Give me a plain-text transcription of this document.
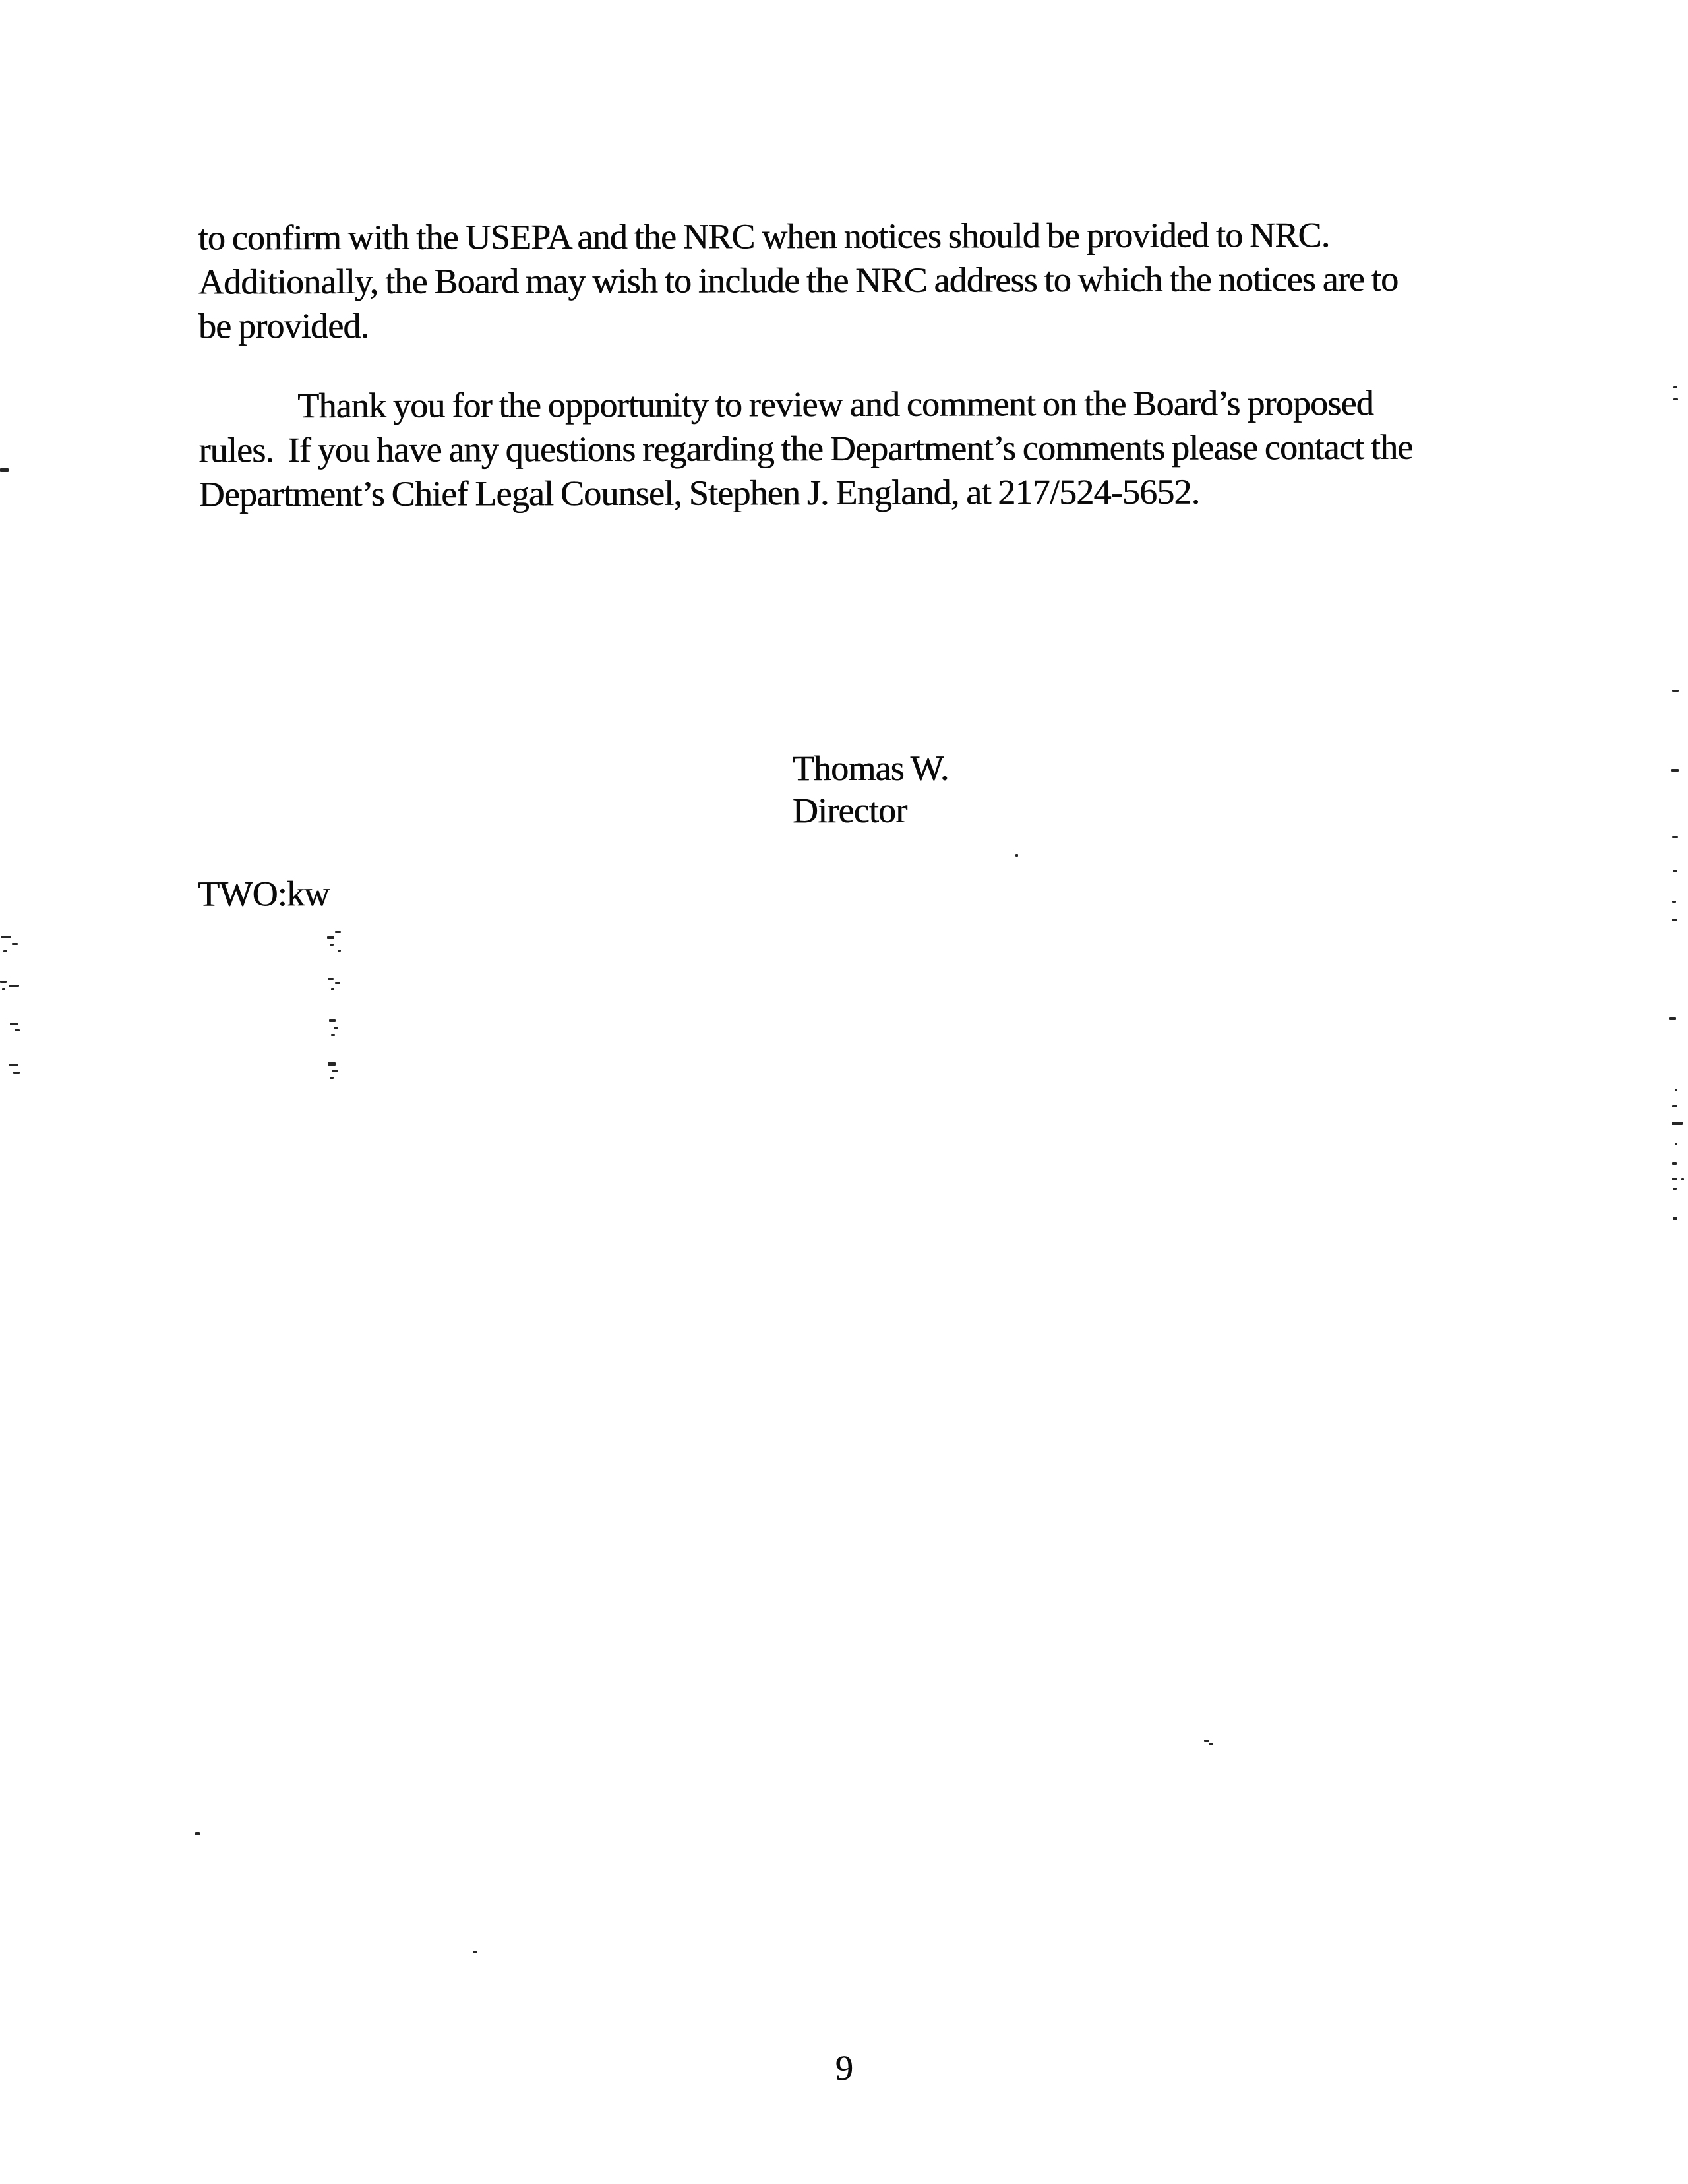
to confirm with the USEPA and the NRC when notices should be provided to NRC.
Additionally, the Board may wish to include the NRC address to which the notices are to
be provided.
Thank you for the opportunity to review and comment on the Board’s proposed
rules.  If you have any questions regarding the Department’s comments please contact the
Department’s Chief Legal Counsel, Stephen J. England, at 217/524-5652.
Thomas W.
Director
TWO:kw
9
